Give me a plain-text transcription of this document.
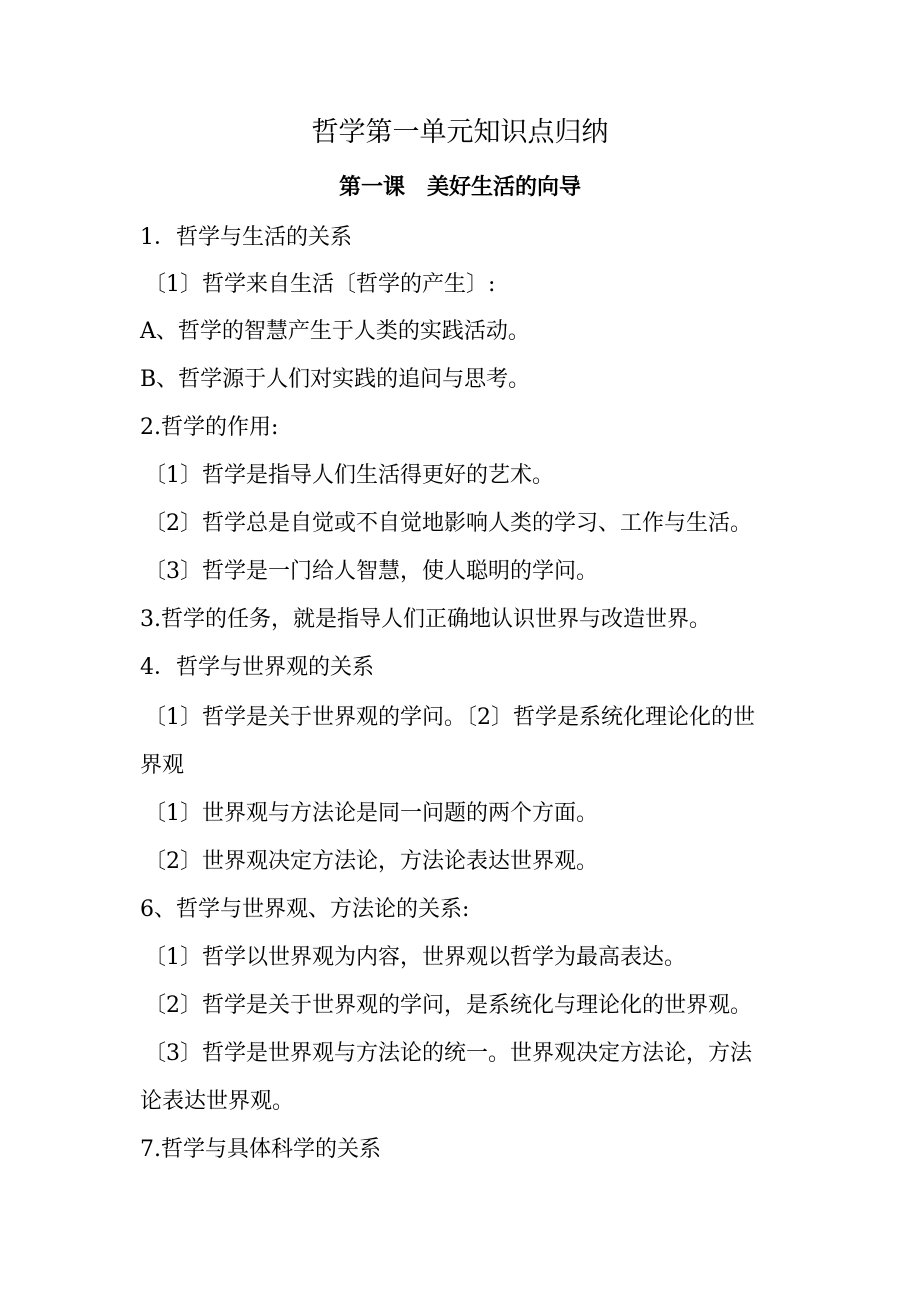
哲学第一单元知识点归纳
第一课　美好生活的向导

1．哲学与生活的关系

〔1〕哲学来自生活〔哲学的产生〕:

A、哲学的智慧产生于人类的实践活动。

B、哲学源于人们对实践的追问与思考。

2.哲学的作用:

〔1〕哲学是指导人们生活得更好的艺术。

〔2〕哲学总是自觉或不自觉地影响人类的学习、工作与生活。

〔3〕哲学是一门给人智慧，使人聪明的学问。

3.哲学的任务，就是指导人们正确地认识世界与改造世界。

4．哲学与世界观的关系

〔1〕哲学是关于世界观的学问。〔2〕哲学是系统化理论化的世

界观

〔1〕世界观与方法论是同一问题的两个方面。

〔2〕世界观决定方法论，方法论表达世界观。

6、哲学与世界观、方法论的关系:

〔1〕哲学以世界观为内容，世界观以哲学为最高表达。

〔2〕哲学是关于世界观的学问，是系统化与理论化的世界观。

〔3〕哲学是世界观与方法论的统一。世界观决定方法论，方法

论表达世界观。

7.哲学与具体科学的关系
